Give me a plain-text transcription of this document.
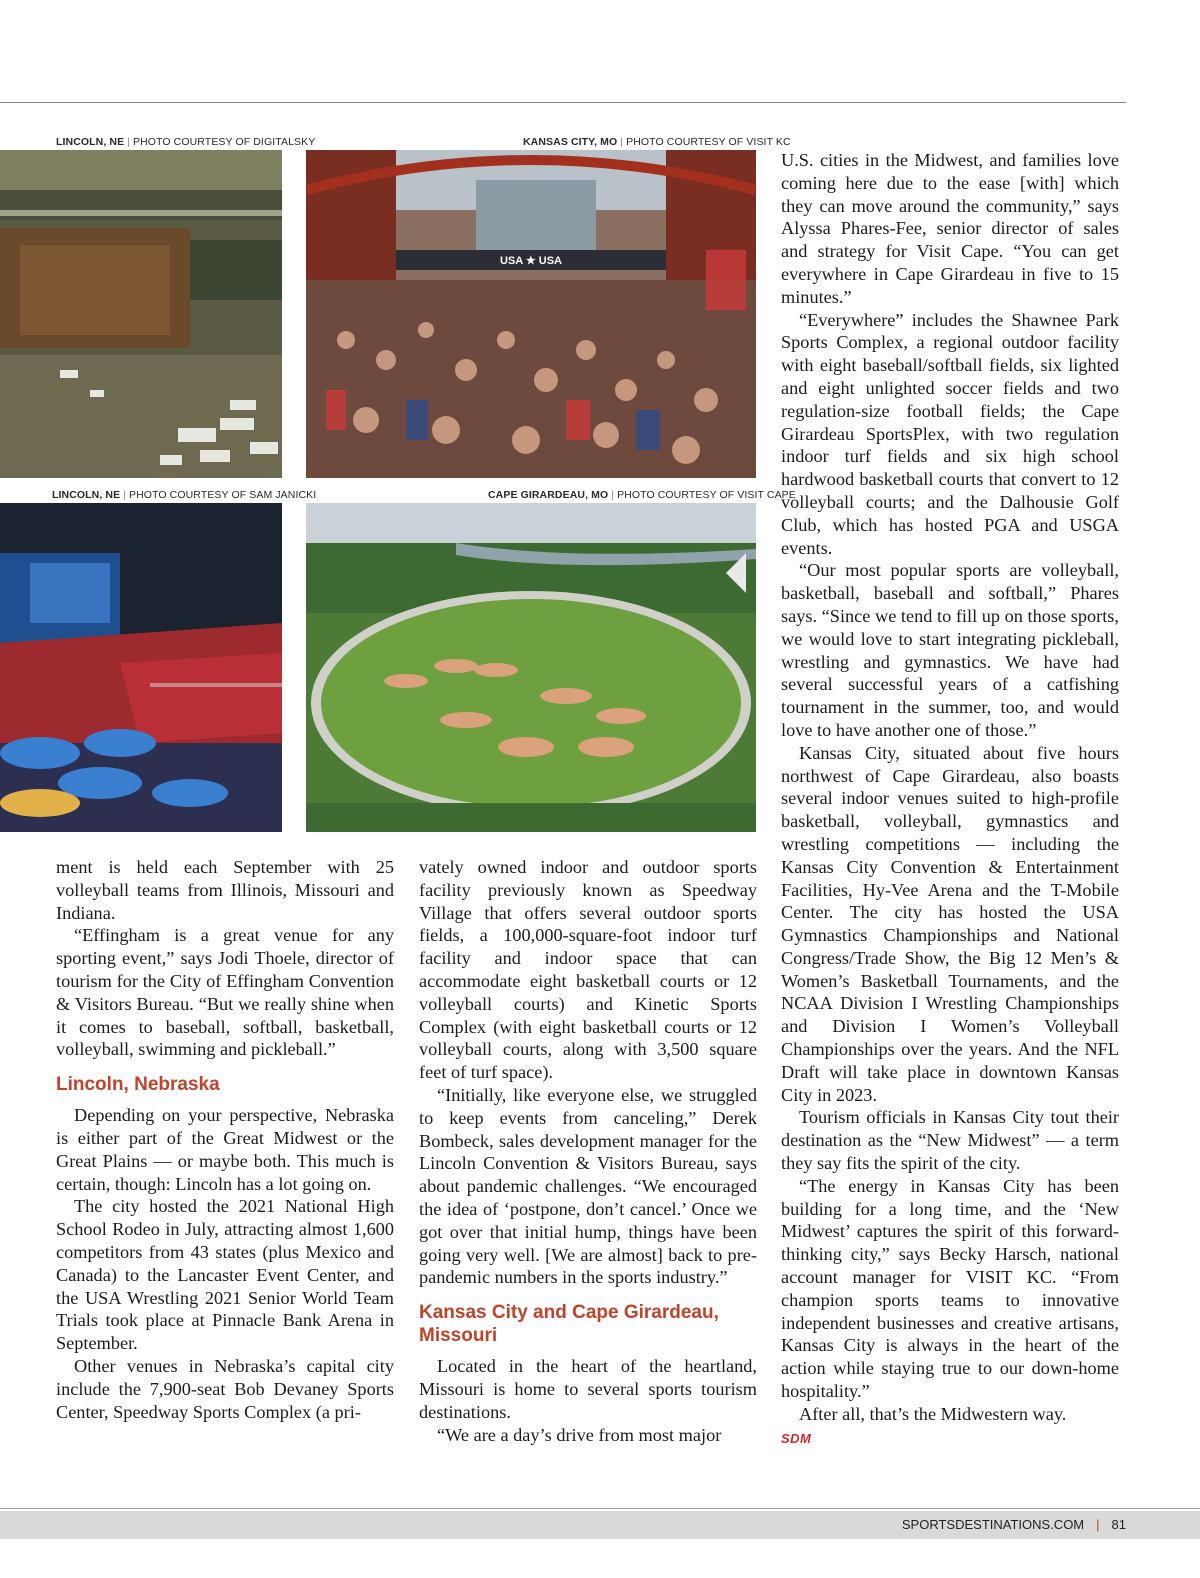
LINCOLN, NE | PHOTO COURTESY OF DIGITALSKY	KANSAS CITY, MO | PHOTO COURTESY OF VISIT KC
LINCOLN, NE | PHOTO COURTESY OF SAM JANICKI	CAPE GIRARDEAU, MO | PHOTO COURTESY OF VISIT CAPE
USA ★ USA

ment is held each September with 25 volleyball teams from Illinois, Missouri and Indiana.

“Effingham is a great venue for any sporting event,” says Jodi Thoele, director of tourism for the City of Effingham Convention & Visitors Bureau. “But we really shine when it comes to baseball, softball, basketball, volleyball, swimming and pickleball.”

Lincoln, Nebraska

Depending on your perspective, Nebraska is either part of the Great Midwest or the Great Plains — or maybe both. This much is certain, though: Lincoln has a lot going on.

The city hosted the 2021 National High School Rodeo in July, attracting almost 1,600 competitors from 43 states (plus Mexico and Canada) to the Lancaster Event Center, and the USA Wrestling 2021 Senior World Team Trials took place at Pinnacle Bank Arena in September.

Other venues in Nebraska’s capital city include the 7,900-seat Bob Devaney Sports Center, Speedway Sports Complex (a pri-

vately owned indoor and outdoor sports facility previously known as Speedway Village that offers several outdoor sports fields, a 100,000-square-foot indoor turf facility and indoor space that can accommodate eight basketball courts or 12 volleyball courts) and Kinetic Sports Complex (with eight basketball courts or 12 volleyball courts, along with 3,500 square feet of turf space).

“Initially, like everyone else, we struggled to keep events from canceling,” Derek Bombeck, sales development manager for the Lincoln Convention & Visitors Bureau, says about pandemic challenges. “We encouraged the idea of ‘postpone, don’t cancel.’ Once we got over that initial hump, things have been going very well. [We are almost] back to pre-pandemic numbers in the sports industry.”

Kansas City and Cape Girardeau, Missouri

Located in the heart of the heartland, Missouri is home to several sports tourism destinations.

“We are a day’s drive from most major

U.S. cities in the Midwest, and families love coming here due to the ease [with] which they can move around the community,” says Alyssa Phares-Fee, senior director of sales and strategy for Visit Cape. “You can get everywhere in Cape Girardeau in five to 15 minutes.”

“Everywhere” includes the Shawnee Park Sports Complex, a regional outdoor facility with eight baseball/softball fields, six lighted and eight unlighted soccer fields and two regulation-size football fields; the Cape Girardeau SportsPlex, with two regulation indoor turf fields and six high school hardwood basketball courts that convert to 12 volleyball courts; and the Dalhousie Golf Club, which has hosted PGA and USGA events.

“Our most popular sports are volleyball, basketball, baseball and softball,” Phares says. “Since we tend to fill up on those sports, we would love to start integrating pickleball, wrestling and gymnastics. We have had several successful years of a catfishing tournament in the summer, too, and would love to have another one of those.”

Kansas City, situated about five hours northwest of Cape Girardeau, also boasts several indoor venues suited to high-profile basketball, volleyball, gymnastics and wrestling competitions — including the Kansas City Convention & Entertainment Facilities, Hy-Vee Arena and the T-Mobile Center. The city has hosted the USA Gymnastics Championships and National Congress/Trade Show, the Big 12 Men’s & Women’s Basketball Tournaments, and the NCAA Division I Wrestling Championships and Division I Women’s Volleyball Championships over the years. And the NFL Draft will take place in downtown Kansas City in 2023.

Tourism officials in Kansas City tout their destination as the “New Midwest” — a term they say fits the spirit of the city.

“The energy in Kansas City has been building for a long time, and the ‘New Midwest’ captures the spirit of this forward-thinking city,” says Becky Harsch, national account manager for VISIT KC. “From champion sports teams to innovative independent businesses and creative artisans, Kansas City is always in the heart of the action while staying true to our down-home hospitality.”

After all, that’s the Midwestern way.

SDM
SPORTSDESTINATIONS.COM | 81
